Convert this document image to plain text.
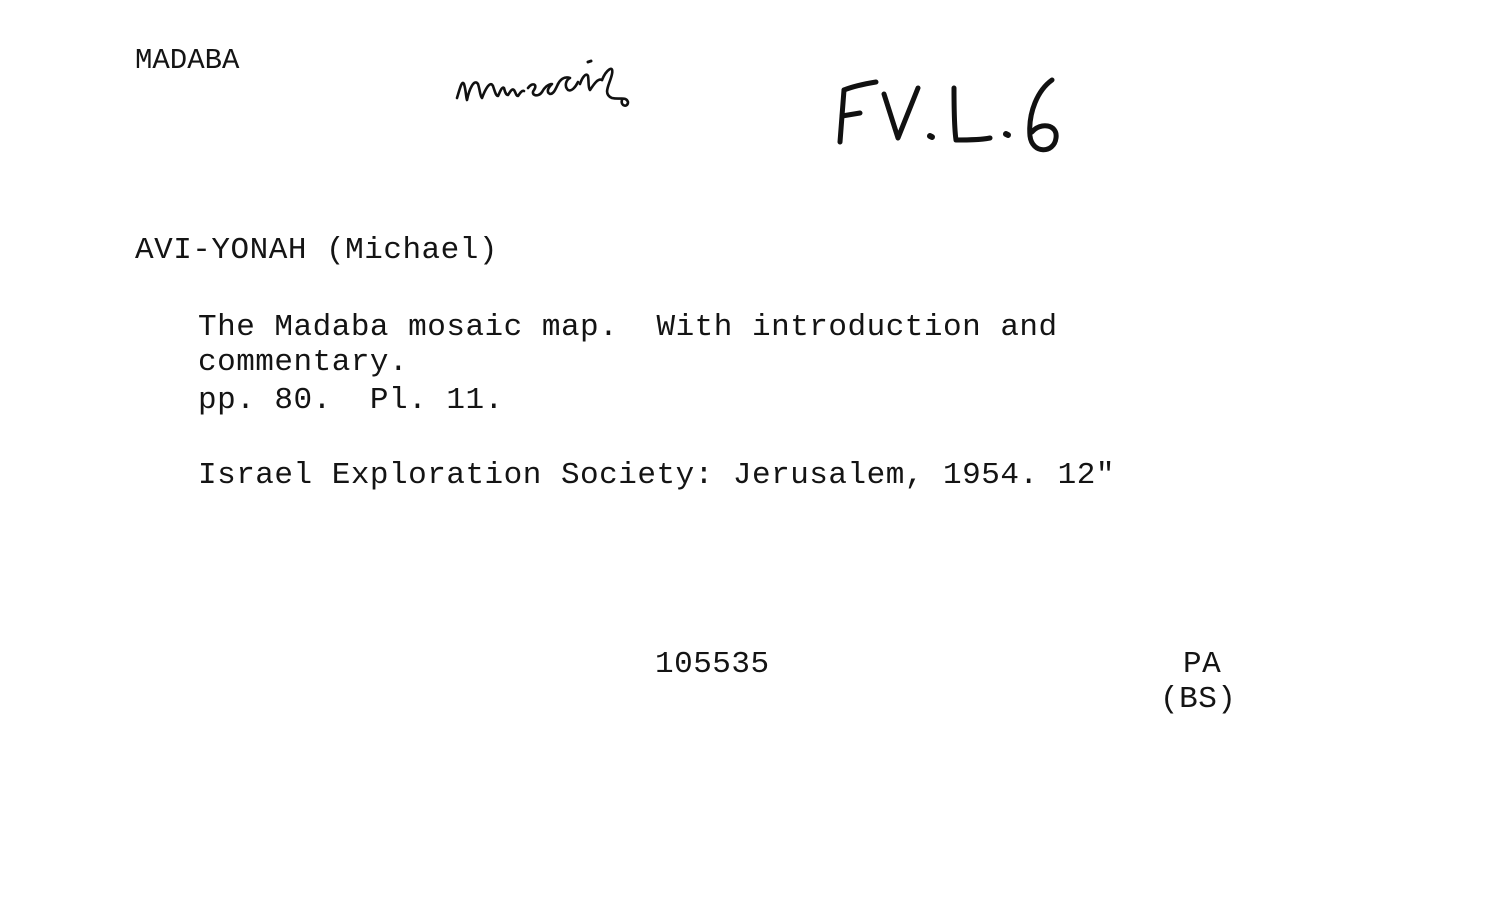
MADABA
AVI-YONAH (Michael)
The Madaba mosaic map.  With introduction and
commentary.
pp. 80.  Pl. 11.
Israel Exploration Society: Jerusalem, 1954. 12"
105535	PA
(BS)
